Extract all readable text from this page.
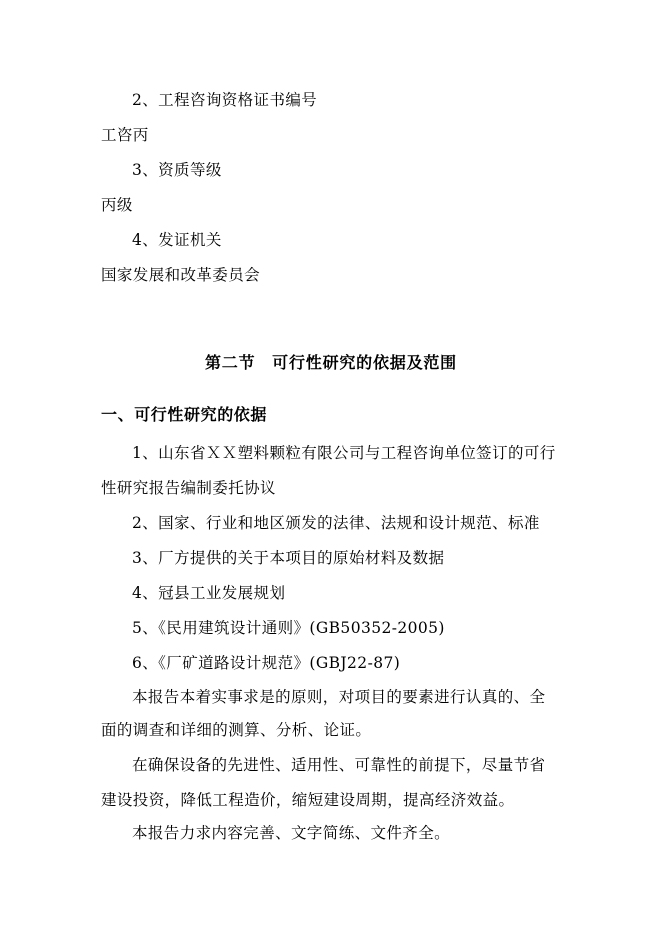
2、工程咨询资格证书编号
工咨丙
3、资质等级
丙级
4、发证机关
国家发展和改革委员会
第二节　可行性研究的依据及范围
一、可行性研究的依据
1、山东省ＸＸ塑料颗粒有限公司与工程咨询单位签订的可行
性研究报告编制委托协议
2、国家、行业和地区颁发的法律、法规和设计规范、标准
3、厂方提供的关于本项目的原始材料及数据
4、冠县工业发展规划
5、《民用建筑设计通则》(GB50352-2005)
6、《厂矿道路设计规范》(GBJ22-87)
本报告本着实事求是的原则，对项目的要素进行认真的、全
面的调查和详细的测算、分析、论证。
在确保设备的先进性、适用性、可靠性的前提下，尽量节省
建设投资，降低工程造价，缩短建设周期，提高经济效益。
本报告力求内容完善、文字简练、文件齐全。
